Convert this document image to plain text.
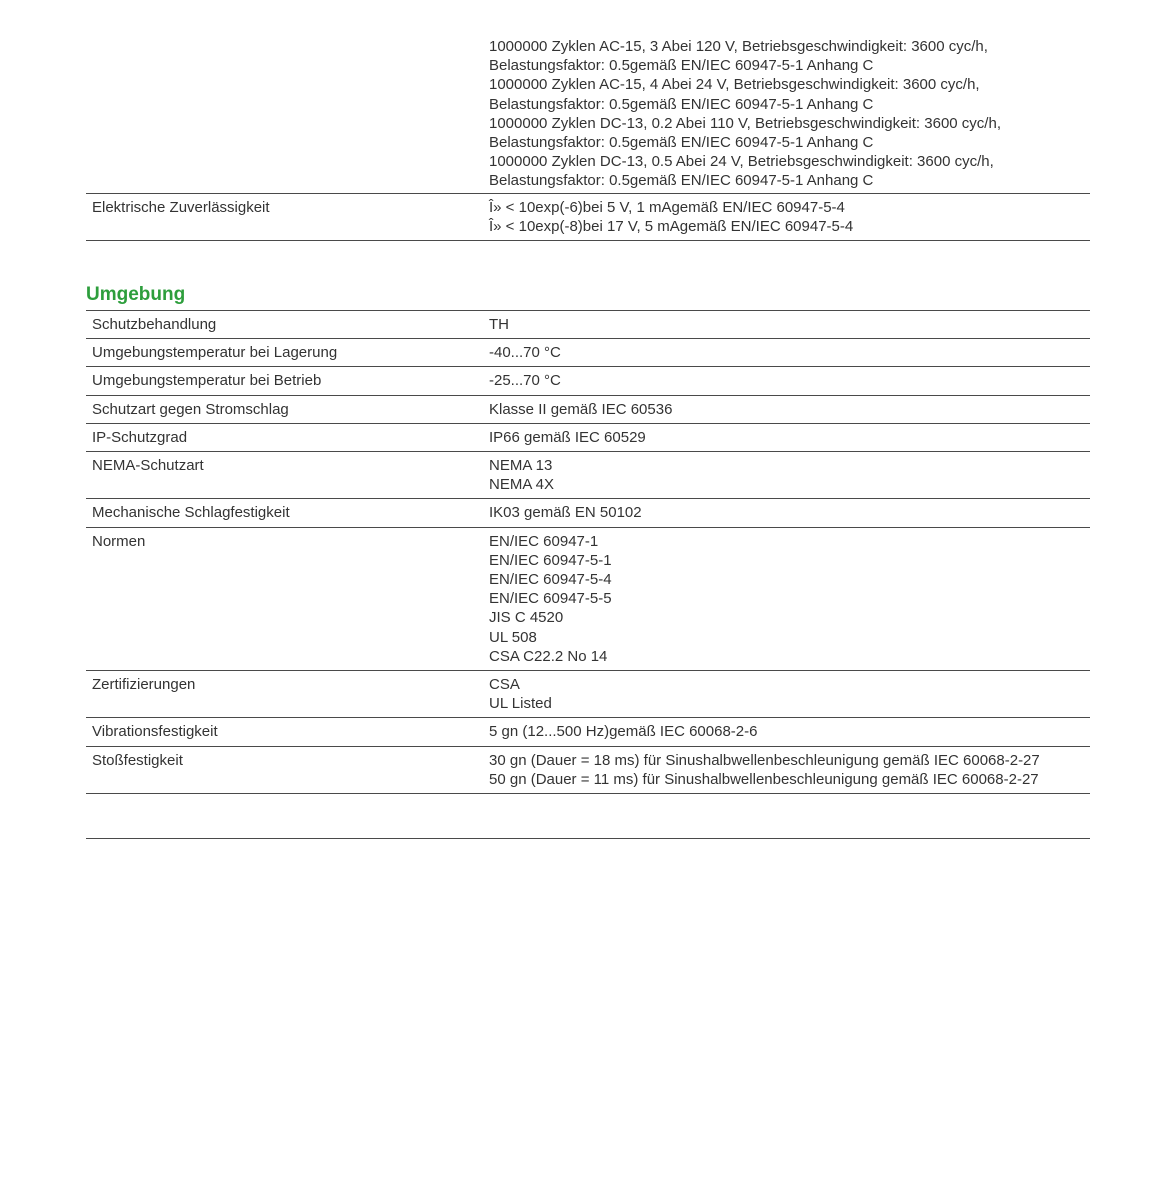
1000000 Zyklen AC-15, 3 Abei 120 V, Betriebsgeschwindigkeit: 3600 cyc/h,
Belastungsfaktor: 0.5gemäß EN/IEC 60947-5-1 Anhang C
1000000 Zyklen AC-15, 4 Abei 24 V, Betriebsgeschwindigkeit: 3600 cyc/h,
Belastungsfaktor: 0.5gemäß EN/IEC 60947-5-1 Anhang C
1000000 Zyklen DC-13, 0.2 Abei 110 V, Betriebsgeschwindigkeit: 3600 cyc/h,
Belastungsfaktor: 0.5gemäß EN/IEC 60947-5-1 Anhang C
1000000 Zyklen DC-13, 0.5 Abei 24 V, Betriebsgeschwindigkeit: 3600 cyc/h,
Belastungsfaktor: 0.5gemäß EN/IEC 60947-5-1 Anhang C
Elektrische Zuverlässigkeit	Î» < 10exp(-6)bei 5 V, 1 mAgemäß EN/IEC 60947-5-4
Î» < 10exp(-8)bei 17 V, 5 mAgemäß EN/IEC 60947-5-4
Umgebung
Schutzbehandlung	TH
Umgebungstemperatur bei Lagerung	-40...70 °C
Umgebungstemperatur bei Betrieb	-25...70 °C
Schutzart gegen Stromschlag	Klasse II gemäß IEC 60536
IP-Schutzgrad	IP66 gemäß IEC 60529
NEMA-Schutzart	NEMA 13
NEMA 4X
Mechanische Schlagfestigkeit	IK03 gemäß EN 50102
Normen	EN/IEC 60947-1
EN/IEC 60947-5-1
EN/IEC 60947-5-4
EN/IEC 60947-5-5
JIS C 4520
UL 508
CSA C22.2 No 14
Zertifizierungen	CSA
UL Listed
Vibrationsfestigkeit	5 gn (12...500 Hz)gemäß IEC 60068-2-6
Stoßfestigkeit	30 gn (Dauer = 18 ms) für Sinushalbwellenbeschleunigung gemäß IEC 60068-2-27
50 gn (Dauer = 11 ms) für Sinushalbwellenbeschleunigung gemäß IEC 60068-2-27
